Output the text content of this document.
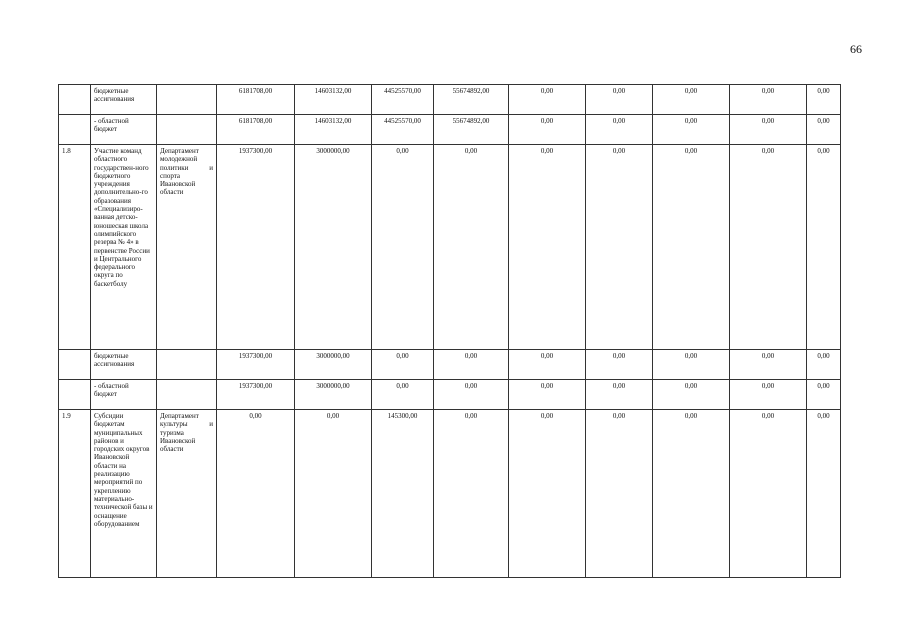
66
	бюджетные ассигнования		6181708,00	14603132,00	44525570,00	55674892,00	0,00	0,00	0,00	0,00	0,00
	- областной бюджет		6181708,00	14603132,00	44525570,00	55674892,00	0,00	0,00	0,00	0,00	0,00
1.8	Участие команд областного государствен-ного бюджетного учреждения дополнительно-го образования «Специализиро-ванная детско-юношеская школа олимпийского резерва № 4» в первенстве России и Центрального федерального округа по баскетболу	Департамент молодежной политики и спорта Ивановской области	1937300,00	3000000,00	0,00	0,00	0,00	0,00	0,00	0,00	0,00
	бюджетные ассигнования		1937300,00	3000000,00	0,00	0,00	0,00	0,00	0,00	0,00	0,00
	- областной бюджет		1937300,00	3000000,00	0,00	0,00	0,00	0,00	0,00	0,00	0,00
1.9	Субсидии бюджетам муниципальных районов и городских округов Ивановской области на реализацию мероприятий по укреплению материально-технической базы и оснащение оборудованием	Департамент культуры и туризма Ивановской области	0,00	0,00	145300,00	0,00	0,00	0,00	0,00	0,00	0,00
